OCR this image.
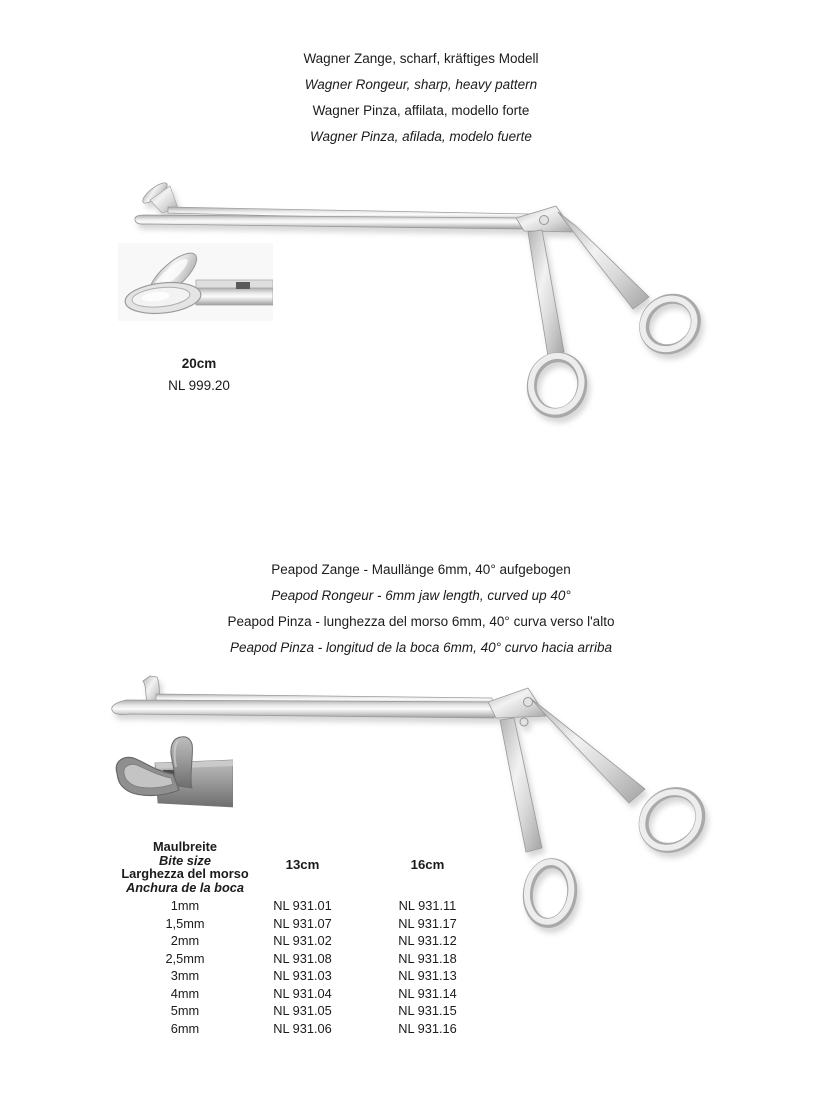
Wagner Zange, scharf, kräftiges Modell
Wagner Rongeur, sharp, heavy pattern
Wagner Pinza, affilata, modello forte
Wagner Pinza, afilada, modelo fuerte
20cm
NL 999.20
Peapod Zange - Maullänge 6mm, 40° aufgebogen
Peapod Rongeur - 6mm jaw length, curved up 40°
Peapod Pinza - lunghezza del morso 6mm, 40° curva verso l'alto
Peapod Pinza - longitud de la boca 6mm, 40° curvo hacia arriba
Maulbreite
Bite size
Larghezza del morso
Anchura de la boca
13cm	16cm
1mm	NL 931.01	NL 931.11
1,5mm	NL 931.07	NL 931.17
2mm	NL 931.02	NL 931.12
2,5mm	NL 931.08	NL 931.18
3mm	NL 931.03	NL 931.13
4mm	NL 931.04	NL 931.14
5mm	NL 931.05	NL 931.15
6mm	NL 931.06	NL 931.16
